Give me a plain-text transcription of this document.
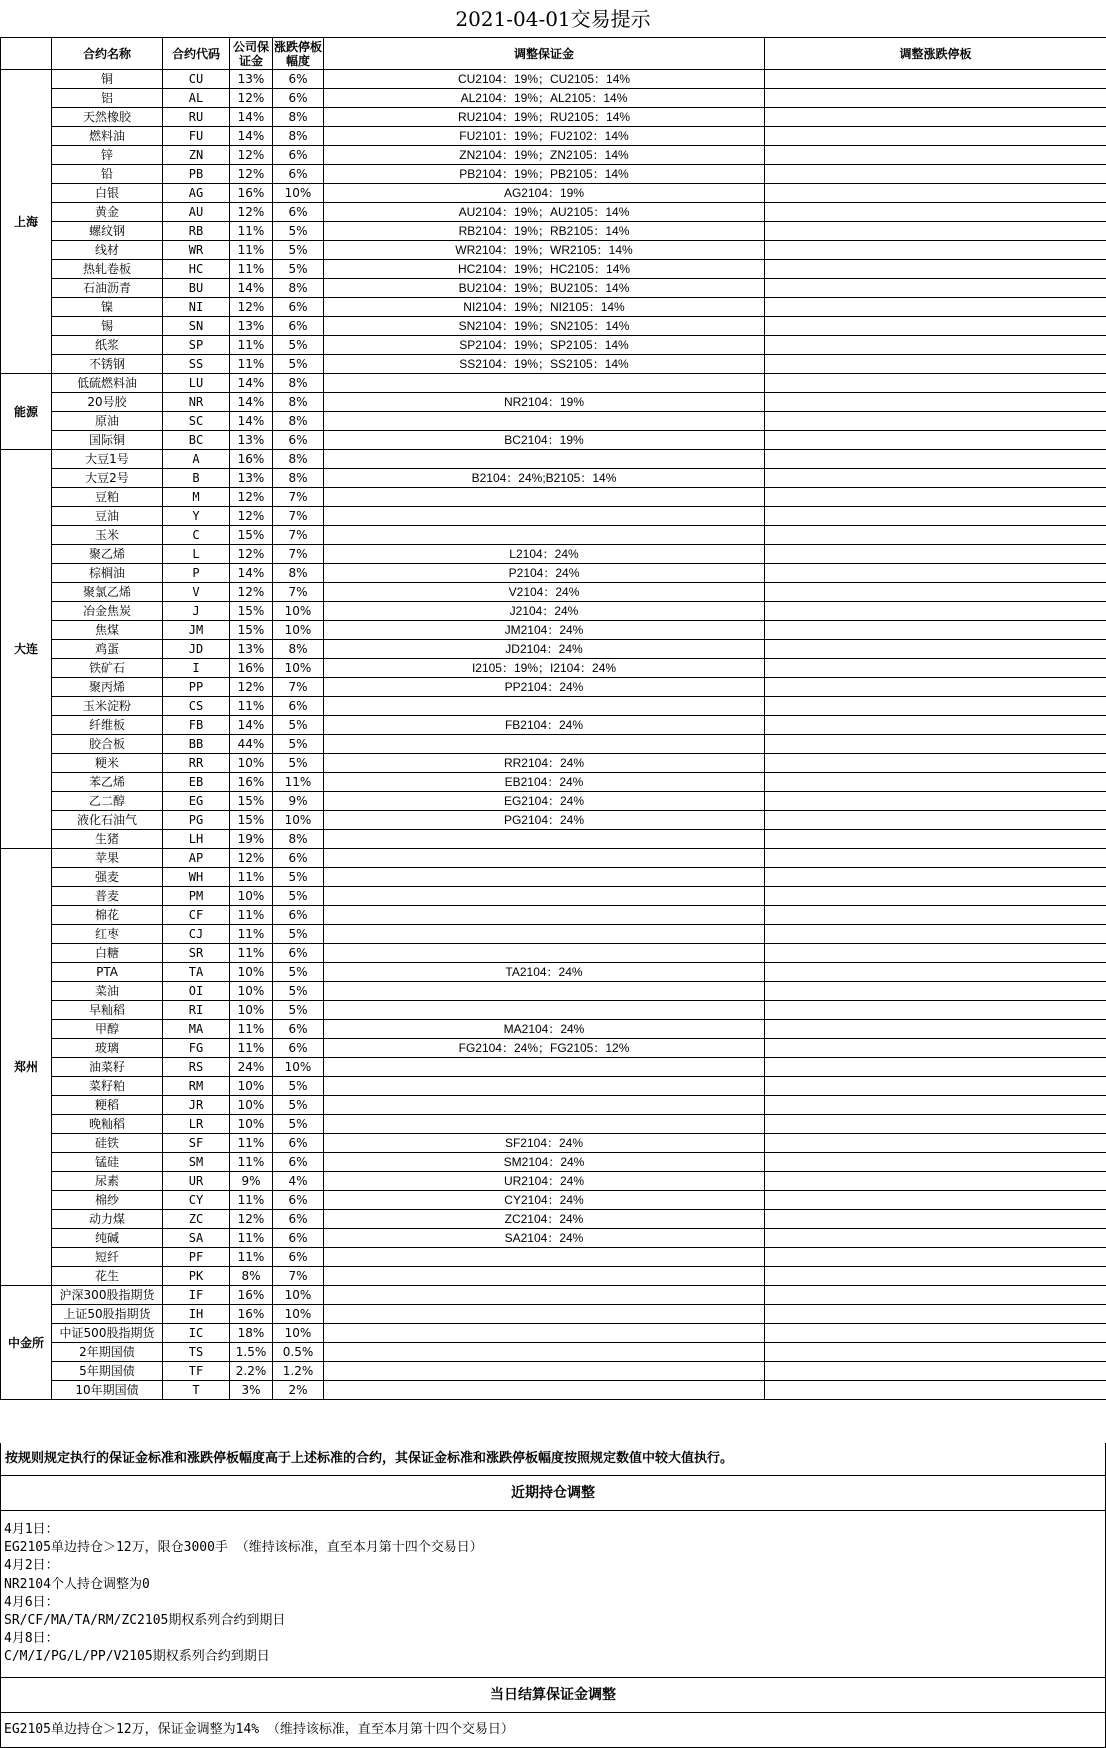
2021-04-01交易提示
	合约名称	合约代码	公司保证金	涨跌停板幅度	调整保证金	调整涨跌停板
上海	铜	CU	13%	6%	CU2104：19%；CU2105：14%	
	铝	AL	12%	6%	AL2104：19%；AL2105：14%	
	天然橡胶	RU	14%	8%	RU2104：19%；RU2105：14%	
	燃料油	FU	14%	8%	FU2101：19%；FU2102：14%	
	锌	ZN	12%	6%	ZN2104：19%；ZN2105：14%	
	铅	PB	12%	6%	PB2104：19%；PB2105：14%	
	白银	AG	16%	10%	AG2104：19%	
	黄金	AU	12%	6%	AU2104：19%；AU2105：14%	
	螺纹钢	RB	11%	5%	RB2104：19%；RB2105：14%	
	线材	WR	11%	5%	WR2104：19%；WR2105：14%	
	热轧卷板	HC	11%	5%	HC2104：19%；HC2105：14%	
	石油沥青	BU	14%	8%	BU2104：19%；BU2105：14%	
	镍	NI	12%	6%	NI2104：19%；NI2105：14%	
	锡	SN	13%	6%	SN2104：19%；SN2105：14%	
	纸浆	SP	11%	5%	SP2104：19%；SP2105：14%	
	不锈钢	SS	11%	5%	SS2104：19%；SS2105：14%	
能源	低硫燃料油	LU	14%	8%		
	20号胶	NR	14%	8%	NR2104：19%	
	原油	SC	14%	8%		
	国际铜	BC	13%	6%	BC2104：19%	
大连	大豆1号	A	16%	8%		
	大豆2号	B	13%	8%	B2104：24%;B2105：14%	
	豆粕	M	12%	7%		
	豆油	Y	12%	7%		
	玉米	C	15%	7%		
	聚乙烯	L	12%	7%	L2104：24%	
	棕榈油	P	14%	8%	P2104：24%	
	聚氯乙烯	V	12%	7%	V2104：24%	
	冶金焦炭	J	15%	10%	J2104：24%	
	焦煤	JM	15%	10%	JM2104：24%	
	鸡蛋	JD	13%	8%	JD2104：24%	
	铁矿石	I	16%	10%	I2105：19%；I2104：24%	
	聚丙烯	PP	12%	7%	PP2104：24%	
	玉米淀粉	CS	11%	6%		
	纤维板	FB	14%	5%	FB2104：24%	
	胶合板	BB	44%	5%		
	粳米	RR	10%	5%	RR2104：24%	
	苯乙烯	EB	16%	11%	EB2104：24%	
	乙二醇	EG	15%	9%	EG2104：24%	
	液化石油气	PG	15%	10%	PG2104：24%	
	生猪	LH	19%	8%		
郑州	苹果	AP	12%	6%		
	强麦	WH	11%	5%		
	普麦	PM	10%	5%		
	棉花	CF	11%	6%		
	红枣	CJ	11%	5%		
	白糖	SR	11%	6%		
	PTA	TA	10%	5%	TA2104：24%	
	菜油	OI	10%	5%		
	早籼稻	RI	10%	5%		
	甲醇	MA	11%	6%	MA2104：24%	
	玻璃	FG	11%	6%	FG2104：24%；FG2105：12%	
	油菜籽	RS	24%	10%		
	菜籽粕	RM	10%	5%		
	粳稻	JR	10%	5%		
	晚籼稻	LR	10%	5%		
	硅铁	SF	11%	6%	SF2104：24%	
	锰硅	SM	11%	6%	SM2104：24%	
	尿素	UR	9%	4%	UR2104：24%	
	棉纱	CY	11%	6%	CY2104：24%	
	动力煤	ZC	12%	6%	ZC2104：24%	
	纯碱	SA	11%	6%	SA2104：24%	
	短纤	PF	11%	6%		
	花生	PK	8%	7%		
中金所	沪深300股指期货	IF	16%	10%		
	上证50股指期货	IH	16%	10%		
	中证500股指期货	IC	18%	10%		
	2年期国债	TS	1.5%	0.5%		
	5年期国债	TF	2.2%	1.2%		
	10年期国债	T	3%	2%		
按规则规定执行的保证金标准和涨跌停板幅度高于上述标准的合约，其保证金标准和涨跌停板幅度按照规定数值中较大值执行。
近期持仓调整
4月1日：
EG2105单边持仓＞12万，限仓3000手 （维持该标准，直至本月第十四个交易日）
4月2日：
NR2104个人持仓调整为0
4月6日：
SR/CF/MA/TA/RM/ZC2105期权系列合约到期日
4月8日：
C/M/I/PG/L/PP/V2105期权系列合约到期日
当日结算保证金调整
EG2105单边持仓＞12万，保证金调整为14% （维持该标准，直至本月第十四个交易日）
